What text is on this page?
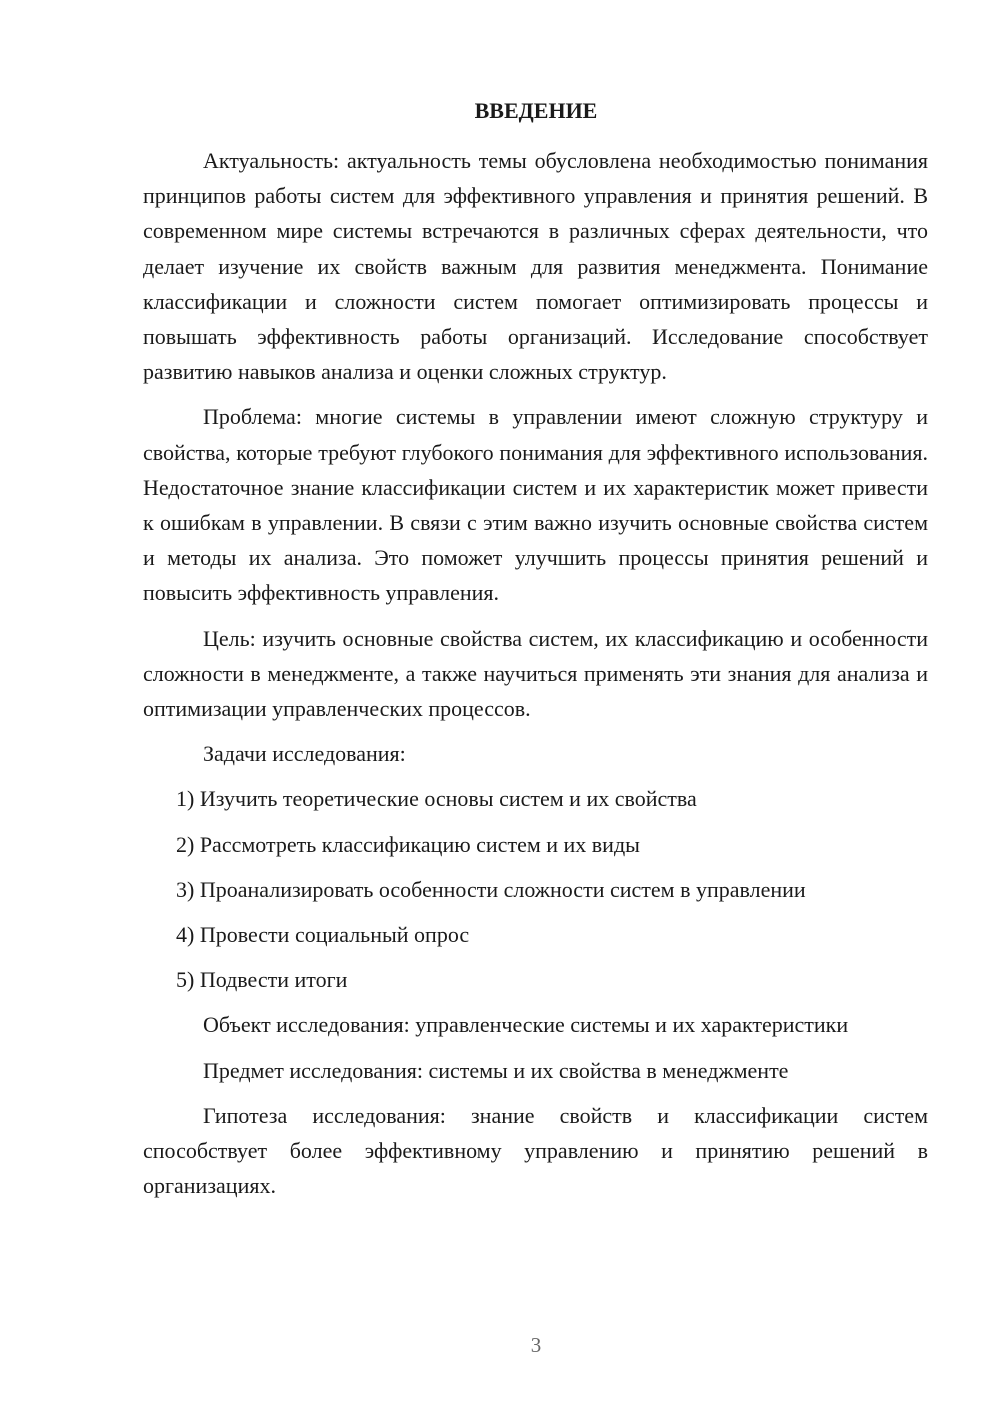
ВВЕДЕНИЕ

Актуальность: актуальность темы обусловлена необходимостью понимания принципов работы систем для эффективного управления и принятия решений. В современном мире системы встречаются в различных сферах деятельности, что делает изучение их свойств важным для развития менеджмента. Понимание классификации и сложности систем помогает оптимизировать процессы и повышать эффективность работы организаций. Исследование способствует развитию навыков анализа и оценки сложных структур.

Проблема: многие системы в управлении имеют сложную структуру и свойства, которые требуют глубокого понимания для эффективного использования. Недостаточное знание классификации систем и их характеристик может привести к ошибкам в управлении. В связи с этим важно изучить основные свойства систем и методы их анализа. Это поможет улучшить процессы принятия решений и повысить эффективность управления.

Цель: изучить основные свойства систем, их классификацию и особенности сложности в менеджменте, а также научиться применять эти знания для анализа и оптимизации управленческих процессов.

Задачи исследования:
1) Изучить теоретические основы систем и их свойства
2) Рассмотреть классификацию систем и их виды
3) Проанализировать особенности сложности систем в управлении
4) Провести социальный опрос
5) Подвести итоги
Объект исследования: управленческие системы и их характеристики
Предмет исследования: системы и их свойства в менеджменте

Гипотеза исследования: знание свойств и классификации систем способствует более эффективному управлению и принятию решений в организациях.

3
